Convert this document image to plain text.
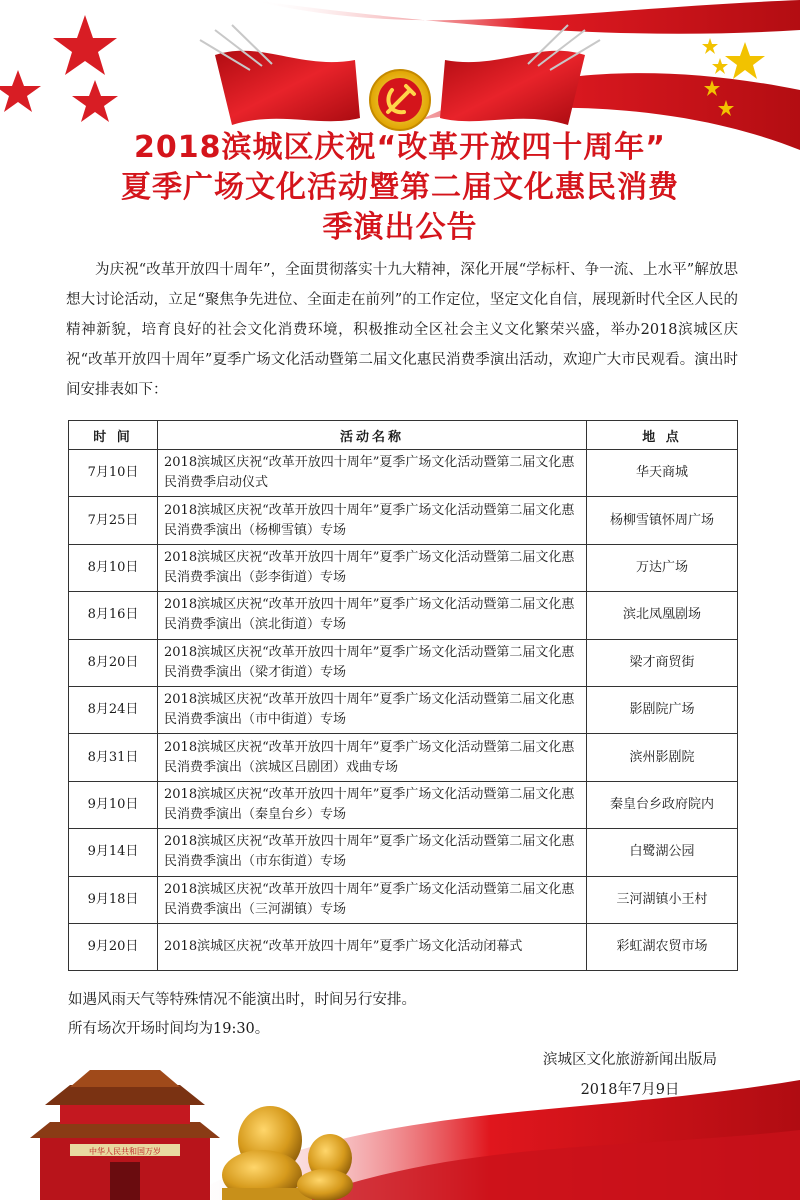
2018滨城区庆祝“改革开放四十周年”
夏季广场文化活动暨第二届文化惠民消费
季演出公告
为庆祝“改革开放四十周年”，全面贯彻落实十九大精神，深化开展“学标杆、争一流、上水平”解放思想大讨论活动，立足“聚焦争先进位、全面走在前列”的工作定位，坚定文化自信，展现新时代全区人民的精神新貌，培育良好的社会文化消费环境，积极推动全区社会主义文化繁荣兴盛，举办2018滨城区庆祝“改革开放四十周年”夏季广场文化活动暨第二届文化惠民消费季演出活动，欢迎广大市民观看。演出时间安排表如下：
时 间	活动名称	地 点
7月10日	2018滨城区庆祝“改革开放四十周年”夏季广场文化活动暨第二届文化惠民消费季启动仪式	华天商城
7月25日	2018滨城区庆祝“改革开放四十周年”夏季广场文化活动暨第二届文化惠民消费季演出（杨柳雪镇）专场	杨柳雪镇怀周广场
8月10日	2018滨城区庆祝“改革开放四十周年”夏季广场文化活动暨第二届文化惠民消费季演出（彭李街道）专场	万达广场
8月16日	2018滨城区庆祝“改革开放四十周年”夏季广场文化活动暨第二届文化惠民消费季演出（滨北街道）专场	滨北凤凰剧场
8月20日	2018滨城区庆祝“改革开放四十周年”夏季广场文化活动暨第二届文化惠民消费季演出（梁才街道）专场	梁才商贸街
8月24日	2018滨城区庆祝“改革开放四十周年”夏季广场文化活动暨第二届文化惠民消费季演出（市中街道）专场	影剧院广场
8月31日	2018滨城区庆祝“改革开放四十周年”夏季广场文化活动暨第二届文化惠民消费季演出（滨城区吕剧团）戏曲专场	滨州影剧院
9月10日	2018滨城区庆祝“改革开放四十周年”夏季广场文化活动暨第二届文化惠民消费季演出（秦皇台乡）专场	秦皇台乡政府院内
9月14日	2018滨城区庆祝“改革开放四十周年”夏季广场文化活动暨第二届文化惠民消费季演出（市东街道）专场	白鹭湖公园
9月18日	2018滨城区庆祝“改革开放四十周年”夏季广场文化活动暨第二届文化惠民消费季演出（三河湖镇）专场	三河湖镇小王村
9月20日	2018滨城区庆祝“改革开放四十周年”夏季广场文化活动闭幕式	彩虹湖农贸市场
如遇风雨天气等特殊情况不能演出时，时间另行安排。
所有场次开场时间均为19:30。
中华人民共和国万岁
滨城区文化旅游新闻出版局
2018年7月9日
